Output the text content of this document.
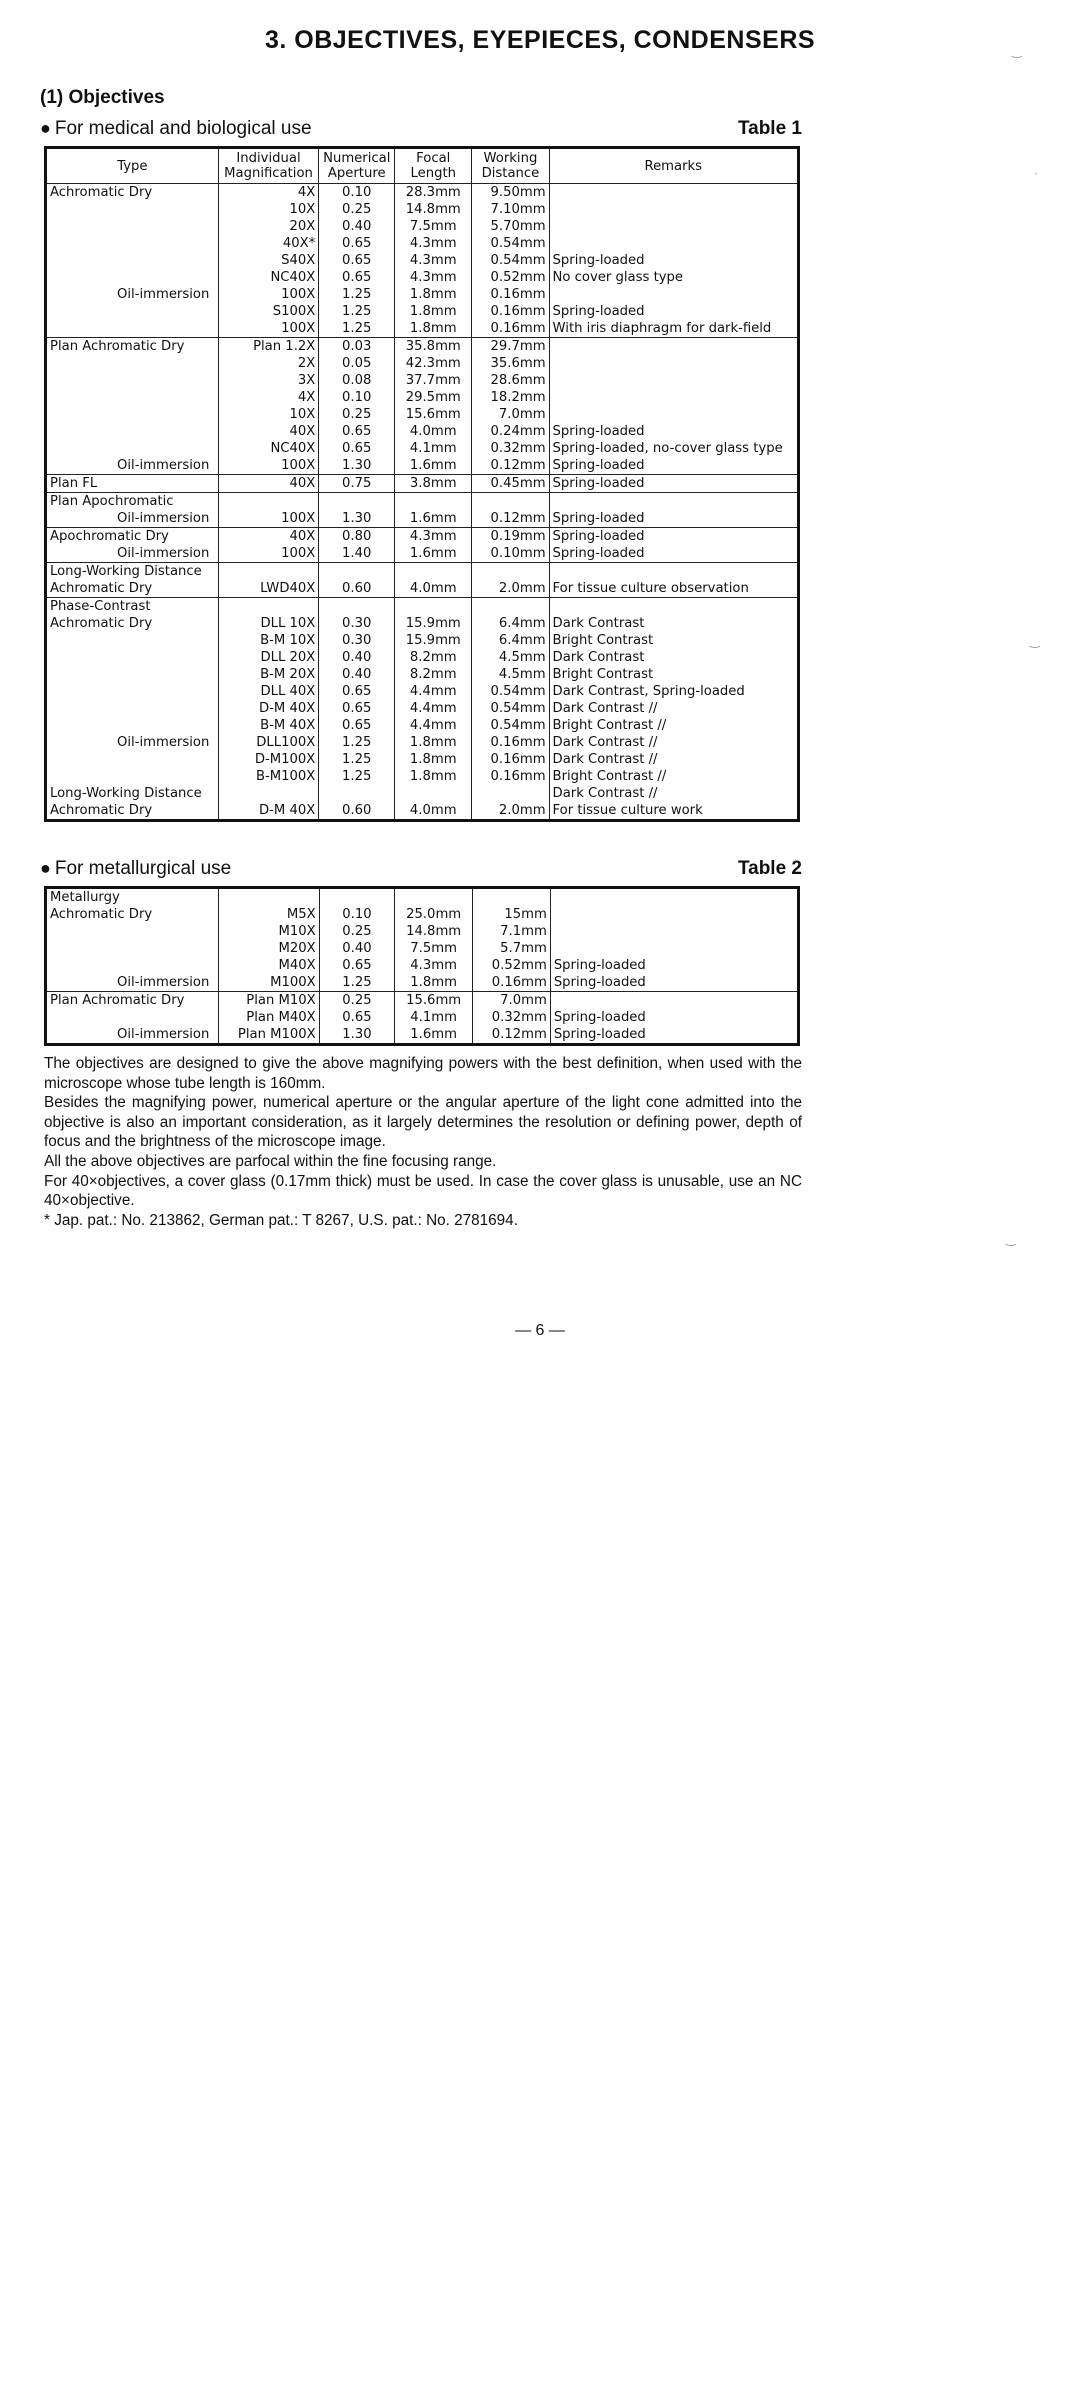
3. OBJECTIVES, EYEPIECES, CONDENSERS
(1) Objectives
● For medical and biological use	Table 1
Type	Individual Magnification	Numerical Aperture	Focal Length	Working Distance	Remarks
Achromatic Dry	4X	0.10	28.3mm	9.50mm	
	10X	0.25	14.8mm	7.10mm	
	20X	0.40	7.5mm	5.70mm	
	40X*	0.65	4.3mm	0.54mm	
	S40X	0.65	4.3mm	0.54mm	Spring-loaded
	NC40X	0.65	4.3mm	0.52mm	No cover glass type
Oil-immersion	100X	1.25	1.8mm	0.16mm	
	S100X	1.25	1.8mm	0.16mm	Spring-loaded
	100X	1.25	1.8mm	0.16mm	With iris diaphragm for dark-field
Plan Achromatic Dry	Plan 1.2X	0.03	35.8mm	29.7mm	
	2X	0.05	42.3mm	35.6mm	
	3X	0.08	37.7mm	28.6mm	
	4X	0.10	29.5mm	18.2mm	
	10X	0.25	15.6mm	7.0mm	
	40X	0.65	4.0mm	0.24mm	Spring-loaded
	NC40X	0.65	4.1mm	0.32mm	Spring-loaded, no-cover glass type
Oil-immersion	100X	1.30	1.6mm	0.12mm	Spring-loaded
Plan FL	40X	0.75	3.8mm	0.45mm	Spring-loaded
Plan Apochromatic					
Oil-immersion	100X	1.30	1.6mm	0.12mm	Spring-loaded
Apochromatic Dry	40X	0.80	4.3mm	0.19mm	Spring-loaded
Oil-immersion	100X	1.40	1.6mm	0.10mm	Spring-loaded
Long-Working Distance					
Achromatic Dry	LWD40X	0.60	4.0mm	2.0mm	For tissue culture observation
Phase-Contrast					
Achromatic Dry	DLL 10X	0.30	15.9mm	6.4mm	Dark Contrast
	B-M 10X	0.30	15.9mm	6.4mm	Bright Contrast
	DLL 20X	0.40	8.2mm	4.5mm	Dark Contrast
	B-M 20X	0.40	8.2mm	4.5mm	Bright Contrast
	DLL 40X	0.65	4.4mm	0.54mm	Dark Contrast, Spring-loaded
	D-M 40X	0.65	4.4mm	0.54mm	Dark Contrast //
	B-M 40X	0.65	4.4mm	0.54mm	Bright Contrast //
Oil-immersion	DLL100X	1.25	1.8mm	0.16mm	Dark Contrast //
	D-M100X	1.25	1.8mm	0.16mm	Dark Contrast //
	B-M100X	1.25	1.8mm	0.16mm	Bright Contrast //
Long-Working Distance					Dark Contrast //
Achromatic Dry	D-M 40X	0.60	4.0mm	2.0mm	For tissue culture work
● For metallurgical use	Table 2
Metallurgy					
Achromatic Dry	M5X	0.10	25.0mm	15mm	
	M10X	0.25	14.8mm	7.1mm	
	M20X	0.40	7.5mm	5.7mm	
	M40X	0.65	4.3mm	0.52mm	Spring-loaded
Oil-immersion	M100X	1.25	1.8mm	0.16mm	Spring-loaded
Plan Achromatic Dry	Plan M10X	0.25	15.6mm	7.0mm	
	Plan M40X	0.65	4.1mm	0.32mm	Spring-loaded
Oil-immersion	Plan M100X	1.30	1.6mm	0.12mm	Spring-loaded

The objectives are designed to give the above magnifying powers with the best definition, when used with the microscope whose tube length is 160mm.

Besides the magnifying power, numerical aperture or the angular aperture of the light cone admitted into the objective is also an important consideration, as it largely determines the resolution or defining power, depth of focus and the brightness of the microscope image.

All the above objectives are parfocal within the fine focusing range.

For 40×objectives, a cover glass (0.17mm thick) must be used. In case the cover glass is unusable, use an NC 40×objective.

* Jap. pat.: No. 213862, German pat.: T 8267, U.S. pat.: No. 2781694.

— 6 —
‿
·
‿
‿
